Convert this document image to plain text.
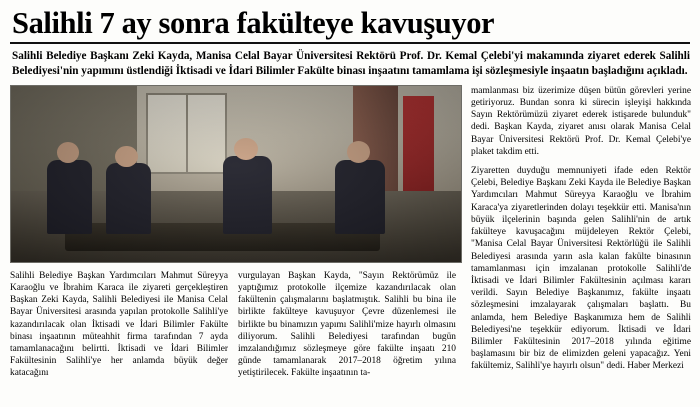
Salihli 7 ay sonra fakülteye kavuşuyor

Salihli Belediye Başkanı Zeki Kayda, Manisa Celal Bayar Üniversitesi Rektörü Prof. Dr. Kemal Çelebi'yi makamında ziyaret ederek Salihli Belediyesi'nin yapımını üstlendiği İktisadi ve İdari Bilimler Fakülte binası inşaatını tamamlama işi sözleşmesiyle inşaatın başladığını açıkladı.

Salihli Belediye Başkan Yardımcıları Mahmut Süreyya Karaoğlu ve İbrahim Karaca ile ziyareti gerçekleştiren Başkan Zeki Kayda, Salihli Belediyesi ile Manisa Celal Bayar Üniversitesi arasında yapılan protokolle Salihli'ye kazandırılacak olan İktisadi ve İdari Bilimler Fakülte binası inşaatının müteahhit firma tarafından 7 ayda tamamlanacağını belirtti. İktisadi ve İdari Bilimler Fakültesinin Salihli'ye her anlamda büyük değer katacağını

vurgulayan Başkan Kayda, "Sayın Rektörümüz ile yaptığımız protokolle ilçemize kazandırılacak olan fakültenin çalışmalarını başlatmıştık. Salihli bu bina ile birlikte fakülteye kavuşuyor Çevre düzenlemesi ile birlikte bu binamızın yapımı Salihli'mize hayırlı olmasını diliyorum. Salihli Belediyesi tarafından bugün imzalandığımız sözleşmeye göre fakülte inşaatı 210 günde tamamlanarak 2017–2018 öğretim yılına yetiştirilecek. Fakülte inşaatının ta-

mamlanması biz üzerimize düşen bütün görevleri yerine getiriyoruz. Bundan sonra ki sürecin işleyişi hakkında Sayın Rektörümüzü ziyaret ederek istişarede bulunduk" dedi. Başkan Kayda, ziyaret anısı olarak Manisa Celal Bayar Üniversitesi Rektörü Prof. Dr. Kemal Çelebi'ye plaket takdim etti.

Ziyaretten duyduğu memnuniyeti ifade eden Rektör Çelebi, Belediye Başkanı Zeki Kayda ile Belediye Başkan Yardımcıları Mahmut Süreyya Karaoğlu ve İbrahim Karaca'ya ziyaretlerinden dolayı teşekkür etti. Manisa'nın büyük ilçelerinin başında gelen Salihli'nin de artık fakülteye kavuşacağını müjdeleyen Rektör Çelebi, "Manisa Celal Bayar Üniversitesi Rektörlüğü ile Salihli Belediyesi arasında yarın asla kalan fakülte binasının tamamlanması için imzalanan protokolle Salihli'de İktisadi ve İdari Bilimler Fakültesinin açılması kararı verildi. Sayın Belediye Başkanımız, fakülte inşaatı sözleşmesini imzalayarak çalışmaları başlattı. Bu anlamda, hem Belediye Başkanımıza hem de Salihli Belediyesi'ne teşekkür ediyorum. İktisadi ve İdari Bilimler Fakültesinin 2017–2018 yılında eğitime başlamasını bir biz de elimizden geleni yapacağız. Yeni fakültemiz, Salihli'ye hayırlı olsun" dedi. Haber Merkezi
